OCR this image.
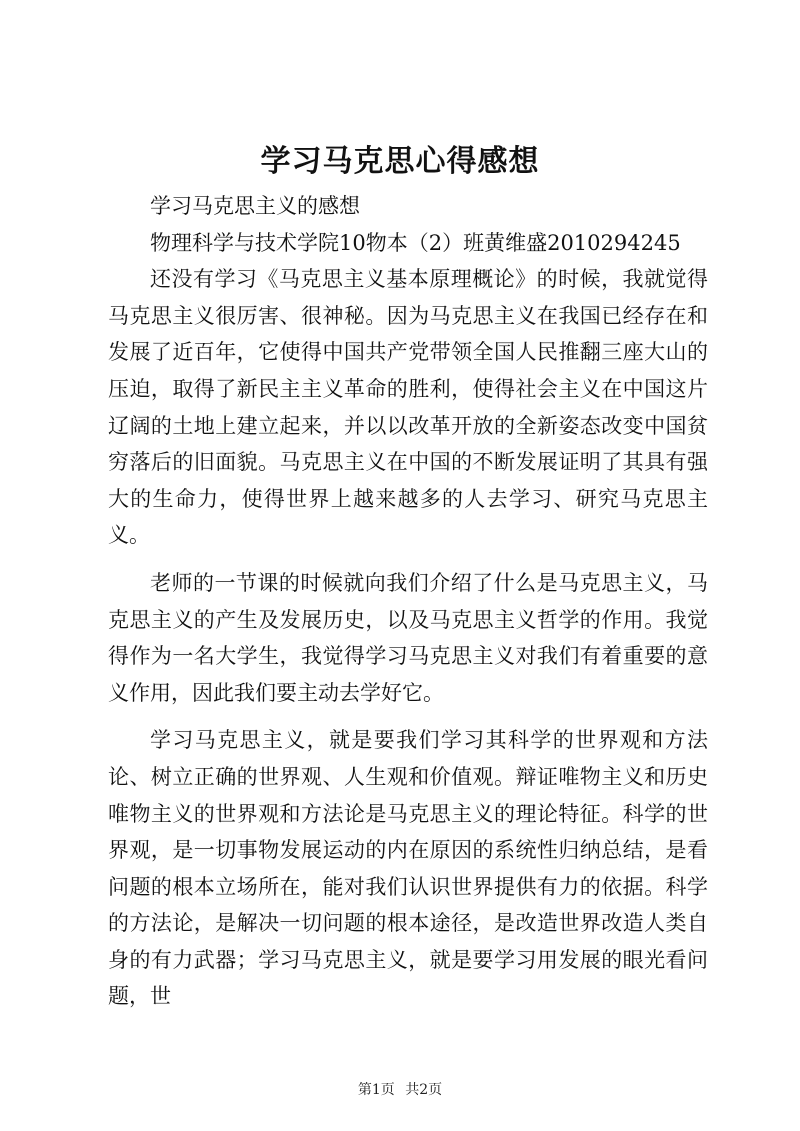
学习马克思心得感想

学习马克思主义的感想

物理科学与技术学院10物本（2）班黄维盛2010294245

还没有学习《马克思主义基本原理概论》的时候，我就觉得马克思主义很厉害、很神秘。因为马克思主义在我国已经存在和发展了近百年，它使得中国共产党带领全国人民推翻三座大山的压迫，取得了新民主主义革命的胜利，使得社会主义在中国这片辽阔的土地上建立起来，并以以改革开放的全新姿态改变中国贫穷落后的旧面貌。马克思主义在中国的不断发展证明了其具有强大的生命力，使得世界上越来越多的人去学习、研究马克思主义。

老师的一节课的时候就向我们介绍了什么是马克思主义，马克思主义的产生及发展历史，以及马克思主义哲学的作用。我觉得作为一名大学生，我觉得学习马克思主义对我们有着重要的意义作用，因此我们要主动去学好它。

学习马克思主义，就是要我们学习其科学的世界观和方法论、树立正确的世界观、人生观和价值观。辩证唯物主义和历史唯物主义的世界观和方法论是马克思主义的理论特征。科学的世界观，是一切事物发展运动的内在原因的系统性归纳总结，是看问题的根本立场所在，能对我们认识世界提供有力的依据。科学的方法论，是解决一切问题的根本途径，是改造世界改造人类自身的有力武器；学习马克思主义，就是要学习用发展的眼光看问题，世

第1页 共2页
